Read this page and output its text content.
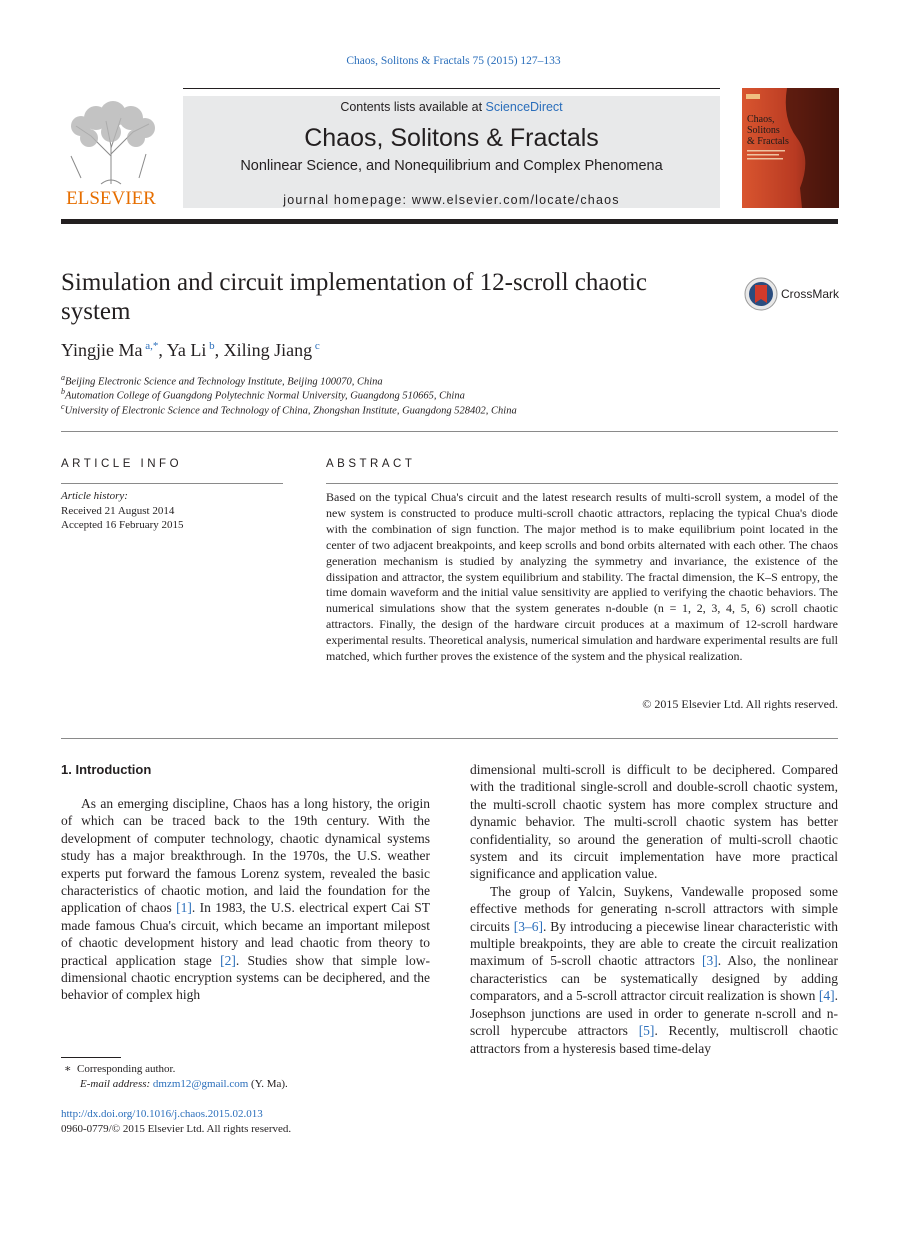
Chaos, Solitons & Fractals 75 (2015) 127–133
Contents lists available at ScienceDirect
Chaos, Solitons & Fractals
Nonlinear Science, and Nonequilibrium and Complex Phenomena
journal homepage: www.elsevier.com/locate/chaos
ELSEVIER
Chaos,
Solitons
& Fractals
Simulation and circuit implementation of 12-scroll chaotic system
CrossMark
Yingjie Ma $^{a,*}$, Ya Li $^b$, Xiling Jiang $^c$
$^a$Beijing Electronic Science and Technology Institute, Beijing 100070, China
$^b$Automation College of Guangdong Polytechnic Normal University, Guangdong 510665, China
$^c$University of Electronic Science and Technology of China, Zhongshan Institute, Guangdong 528402, China
ARTICLE INFO
Article history:
Received 21 August 2014
Accepted 16 February 2015
ABSTRACT
Based on the typical Chua's circuit and the latest research results of multi-scroll system, a model of the new system is constructed to produce multi-scroll chaotic attractors, replacing the typical Chua's diode with the combination of sign function. The major method is to make equilibrium point located in the center of two adjacent breakpoints, and keep scrolls and bond orbits alternated with each other. The chaos generation mechanism is studied by analyzing the symmetry and invariance, the existence of the dissipation and attractor, the system equilibrium and stability. The fractal dimension, the K–S entropy, the time domain waveform and the initial value sensitivity are applied to verifying the chaotic behaviors. The numerical simulations show that the system generates n-double (n = 1, 2, 3, 4, 5, 6) scroll chaotic attractors. Finally, the design of the hardware circuit produces at a maximum of 12-scroll hardware experimental results. Theoretical analysis, numerical simulation and hardware experimental results are full matched, which further proves the existence of the system and the physical realization.
© 2015 Elsevier Ltd. All rights reserved.
1. Introduction

As an emerging discipline, Chaos has a long history, the origin of which can be traced back to the 19th century. With the development of computer technology, chaotic dynamical systems study has a major breakthrough. In the 1970s, the U.S. weather experts put forward the famous Lorenz system, revealed the basic characteristics of chaotic motion, and laid the foundation for the application of chaos [1]. In 1983, the U.S. electrical expert Cai ST made famous Chua's circuit, which became an important milepost of chaotic development history and lead chaotic from theory to practical application stage [2]. Studies show that simple low-dimensional chaotic encryption systems can be deciphered, and the behavior of complex high

dimensional multi-scroll is difficult to be deciphered. Compared with the traditional single-scroll and double-scroll chaotic system, the multi-scroll chaotic system has more complex structure and dynamic behavior. The multi-scroll chaotic system has better confidentiality, so around the generation of multi-scroll chaotic system and its circuit implementation have more practical significance and application value.

The group of Yalcin, Suykens, Vandewalle proposed some effective methods for generating n-scroll attractors with simple circuits [3–6]. By introducing a piecewise linear characteristic with multiple breakpoints, they are able to create the circuit realization maximum of 5-scroll chaotic attractors [3]. Also, the nonlinear characteristics can be systematically designed by adding comparators, and a 5-scroll attractor circuit realization is shown [4]. Josephson junctions are used in order to generate n-scroll and n-scroll hypercube attractors [5]. Recently, multiscroll chaotic attractors from a hysteresis based time-delay

∗ Corresponding author.
E-mail address: dmzm12@gmail.com (Y. Ma).
http://dx.doi.org/10.1016/j.chaos.2015.02.013
0960-0779/© 2015 Elsevier Ltd. All rights reserved.
